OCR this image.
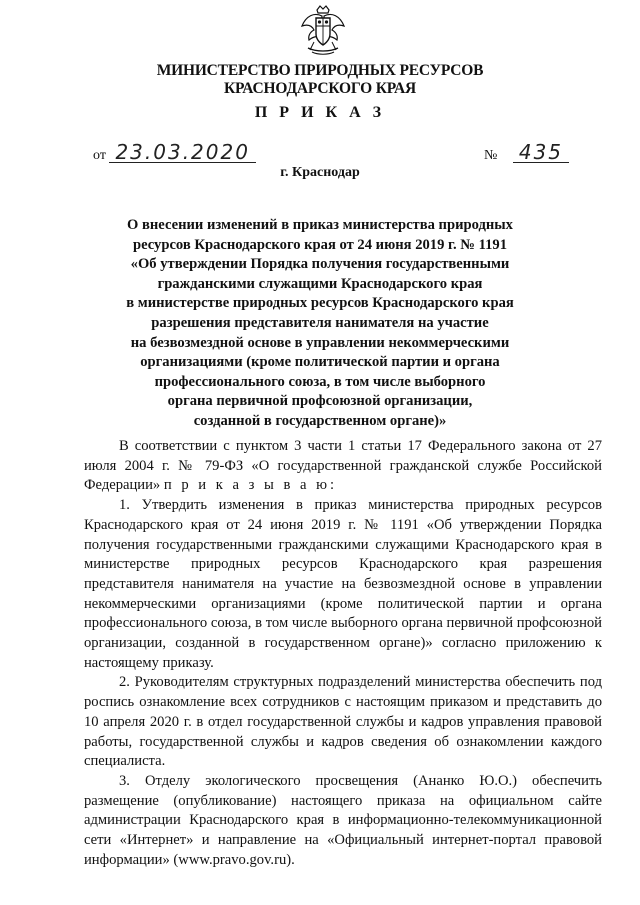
МИНИСТЕРСТВО ПРИРОДНЫХ РЕСУРСОВ
КРАСНОДАРСКОГО КРАЯ
П Р И К А З
от 23.03.2020	№ 435
г. Краснодар
О внесении изменений в приказ министерства природных
ресурсов Краснодарского края от 24 июня 2019 г. № 1191
«Об утверждении Порядка получения государственными
гражданскими служащими Краснодарского края
в министерстве природных ресурсов Краснодарского края
разрешения представителя нанимателя на участие
на безвозмездной основе в управлении некоммерческими
организациями (кроме политической партии и органа
профессионального союза, в том числе выборного
органа первичной профсоюзной организации,
созданной в государственном органе)»

В соответствии с пунктом 3 части 1 статьи 17 Федерального закона от 27 июля 2004 г. № 79-ФЗ «О государственной гражданской службе Российской Федерации» п р и к а з ы в а ю:

1. Утвердить изменения в приказ министерства природных ресурсов Краснодарского края от 24 июня 2019 г. № 1191 «Об утверждении Порядка получения государственными гражданскими служащими Краснодарского края в министерстве природных ресурсов Краснодарского края разрешения представителя нанимателя на участие на безвозмездной основе в управлении некоммерческими организациями (кроме политической партии и органа профессионального союза, в том числе выборного органа первичной профсоюзной организации, созданной в государственном органе)» согласно приложению к настоящему приказу.

2. Руководителям структурных подразделений министерства обеспечить под роспись ознакомление всех сотрудников с настоящим приказом и представить до 10 апреля 2020 г. в отдел государственной службы и кадров управления правовой работы, государственной службы и кадров сведения об ознакомлении каждого специалиста.

3. Отделу экологического просвещения (Ананко Ю.О.) обеспечить размещение (опубликование) настоящего приказа на официальном сайте администрации Краснодарского края в информационно-телекоммуникационной сети «Интернет» и направление на «Официальный интернет-портал правовой информации» (www.pravo.gov.ru).
